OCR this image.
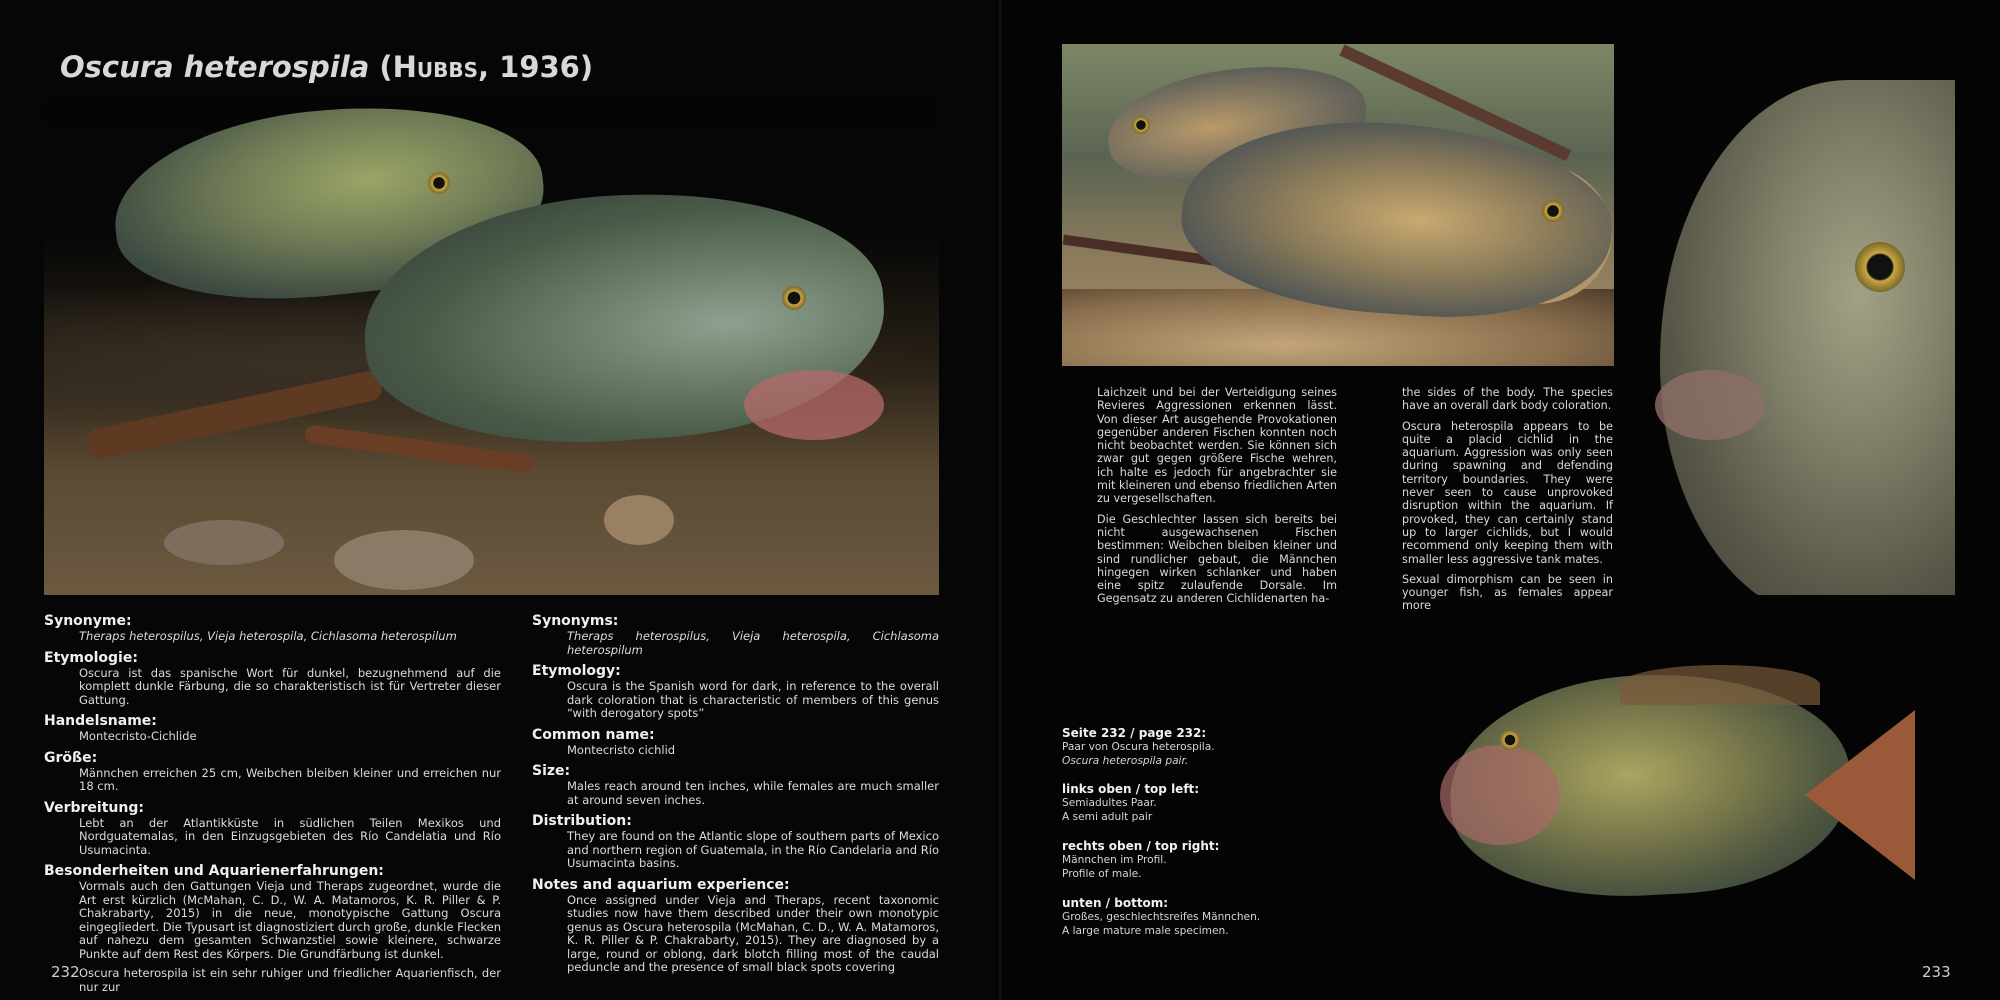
Oscura heterospila (Hubbs, 1936)
Synonyme:
Theraps heterospilus, Vieja heterospila, Cichlasoma heterospilum
Etymologie:
Oscura ist das spanische Wort für dunkel, bezugnehmend auf die komplett dunkle Färbung, die so charakteristisch ist für Vertreter dieser Gattung.
Handelsname:
Montecristo-Cichlide
Größe:
Männchen erreichen 25 cm, Weibchen bleiben kleiner und erreichen nur 18 cm.
Verbreitung:
Lebt an der Atlantikküste in südlichen Teilen Mexikos und Nordguatemalas, in den Einzugsgebieten des Río Candelatia und Río Usumacinta.
Besonderheiten und Aquarienerfahrungen:
Vormals auch den Gattungen Vieja und Theraps zugeordnet, wurde die Art erst kürzlich (McMahan, C. D., W. A. Matamoros, K. R. Piller & P. Chakrabarty, 2015) in die neue, monotypische Gattung Oscura eingegliedert. Die Typusart ist diagnostiziert durch große, dunkle Flecken auf nahezu dem gesamten Schwanzstiel sowie kleinere, schwarze Punkte auf dem Rest des Körpers. Die Grundfärbung ist dunkel.
Oscura heterospila ist ein sehr ruhiger und friedlicher Aquarienfisch, der nur zur
Synonyms:
Theraps heterospilus, Vieja heterospila, Cichlasoma heterospilum
Etymology:
Oscura is the Spanish word for dark, in reference to the overall dark coloration that is characteristic of members of this genus “with derogatory spots”
Common name:
Montecristo cichlid
Size:
Males reach around ten inches, while females are much smaller at around seven inches.
Distribution:
They are found on the Atlantic slope of southern parts of Mexico and northern region of Guatemala, in the Río Candelaria and Río Usumacinta basins.
Notes and aquarium experience:
Once assigned under Vieja and Theraps, recent taxonomic studies now have them described under their own monotypic genus as Oscura heterospila (McMahan, C. D., W. A. Matamoros, K. R. Piller & P. Chakrabarty, 2015). They are diagnosed by a large, round or oblong, dark blotch filling most of the caudal peduncle and the presence of small black spots covering

Laichzeit und bei der Verteidigung seines Revieres Aggressionen erkennen lässt. Von dieser Art ausgehende Provokationen gegenüber anderen Fischen konnten noch nicht beobachtet werden. Sie können sich zwar gut gegen größere Fische wehren, ich halte es jedoch für angebrachter sie mit kleineren und ebenso friedlichen Arten zu vergesellschaften.

Die Geschlechter lassen sich bereits bei nicht ausgewachsenen Fischen bestimmen: Weibchen bleiben kleiner und sind rundlicher gebaut, die Männchen hingegen wirken schlanker und haben eine spitz zulaufende Dorsale. Im Gegensatz zu anderen Cichlidenarten ha-

the sides of the body. The species have an overall dark body coloration.

Oscura heterospila appears to be quite a placid cichlid in the aquarium. Aggression was only seen during spawning and defending territory boundaries. They were never seen to cause unprovoked disruption within the aquarium. If provoked, they can certainly stand up to larger cichlids, but I would recommend only keeping them with smaller less aggressive tank mates.

Sexual dimorphism can be seen in younger fish, as females appear more

Seite 232 / page 232:
Paar von Oscura heterospila.
Oscura heterospila pair.
links oben / top left:
Semiadultes Paar.
A semi adult pair
rechts oben / top right:
Männchen im Profil.
Profile of male.
unten / bottom:
Großes, geschlechtsreifes Männchen.
A large mature male specimen.
232	233
